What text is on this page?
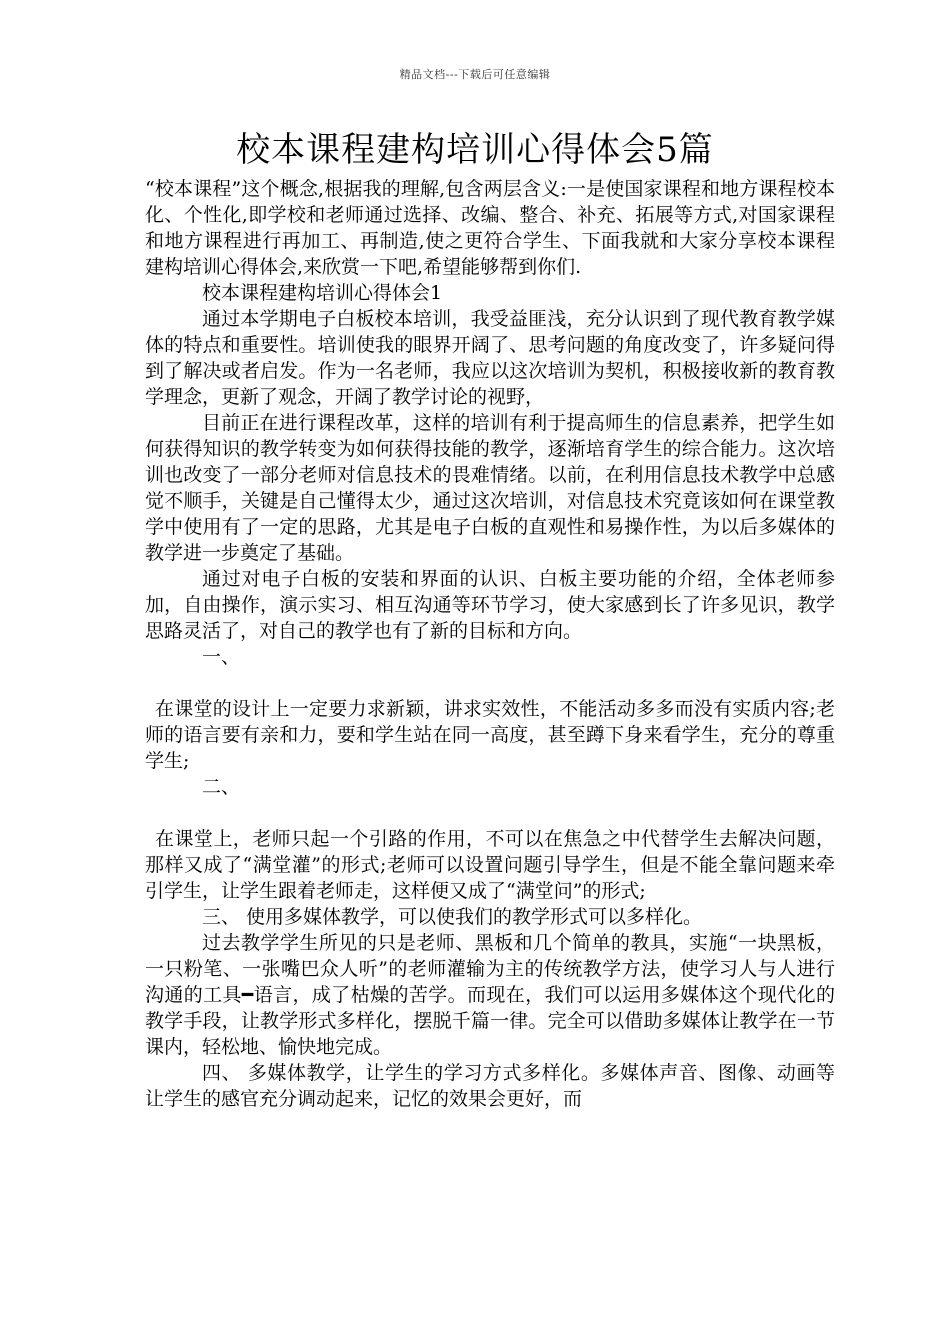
精品文档---下载后可任意编辑
校本课程建构培训心得体会5篇

“校本课程”这个概念,根据我的理解,包含两层含义:一是使国家课程和地方课程校本化、个性化,即学校和老师通过选择、改编、整合、补充、拓展等方式,对国家课程和地方课程进行再加工、再制造,使之更符合学生、下面我就和大家分享校本课程建构培训心得体会,来欣赏一下吧,希望能够帮到你们.

校本课程建构培训心得体会1

通过本学期电子白板校本培训，我受益匪浅，充分认识到了现代教育教学媒体的特点和重要性。培训使我的眼界开阔了、思考问题的角度改变了，许多疑问得到了解决或者启发。作为一名老师，我应以这次培训为契机，积极接收新的教育教学理念，更新了观念，开阔了教学讨论的视野，

目前正在进行课程改革，这样的培训有利于提高师生的信息素养，把学生如何获得知识的教学转变为如何获得技能的教学，逐渐培育学生的综合能力。这次培训也改变了一部分老师对信息技术的畏难情绪。以前，在利用信息技术教学中总感觉不顺手，关键是自己懂得太少，通过这次培训，对信息技术究竟该如何在课堂教学中使用有了一定的思路，尤其是电子白板的直观性和易操作性，为以后多媒体的教学进一步奠定了基础。

通过对电子白板的安装和界面的认识、白板主要功能的介绍，全体老师参加，自由操作，演示实习、相互沟通等环节学习，使大家感到长了许多见识，教学思路灵活了，对自己的教学也有了新的目标和方向。

一、

在课堂的设计上一定要力求新颖，讲求实效性，不能活动多多而没有实质内容;老师的语言要有亲和力，要和学生站在同一高度，甚至蹲下身来看学生，充分的尊重学生;

二、

在课堂上，老师只起一个引路的作用，不可以在焦急之中代替学生去解决问题，那样又成了“满堂灌”的形式;老师可以设置问题引导学生，但是不能全靠问题来牵引学生，让学生跟着老师走，这样便又成了“满堂问”的形式;

三、 使用多媒体教学，可以使我们的教学形式可以多样化。

过去教学学生所见的只是老师、黑板和几个简单的教具，实施“一块黑板，一只粉笔、一张嘴巴众人听”的老师灌输为主的传统教学方法，使学习人与人进行沟通的工具━语言，成了枯燥的苦学。而现在，我们可以运用多媒体这个现代化的教学手段，让教学形式多样化，摆脱千篇一律。完全可以借助多媒体让教学在一节课内，轻松地、愉快地完成。

四、 多媒体教学，让学生的学习方式多样化。多媒体声音、图像、动画等让学生的感官充分调动起来，记忆的效果会更好，而
